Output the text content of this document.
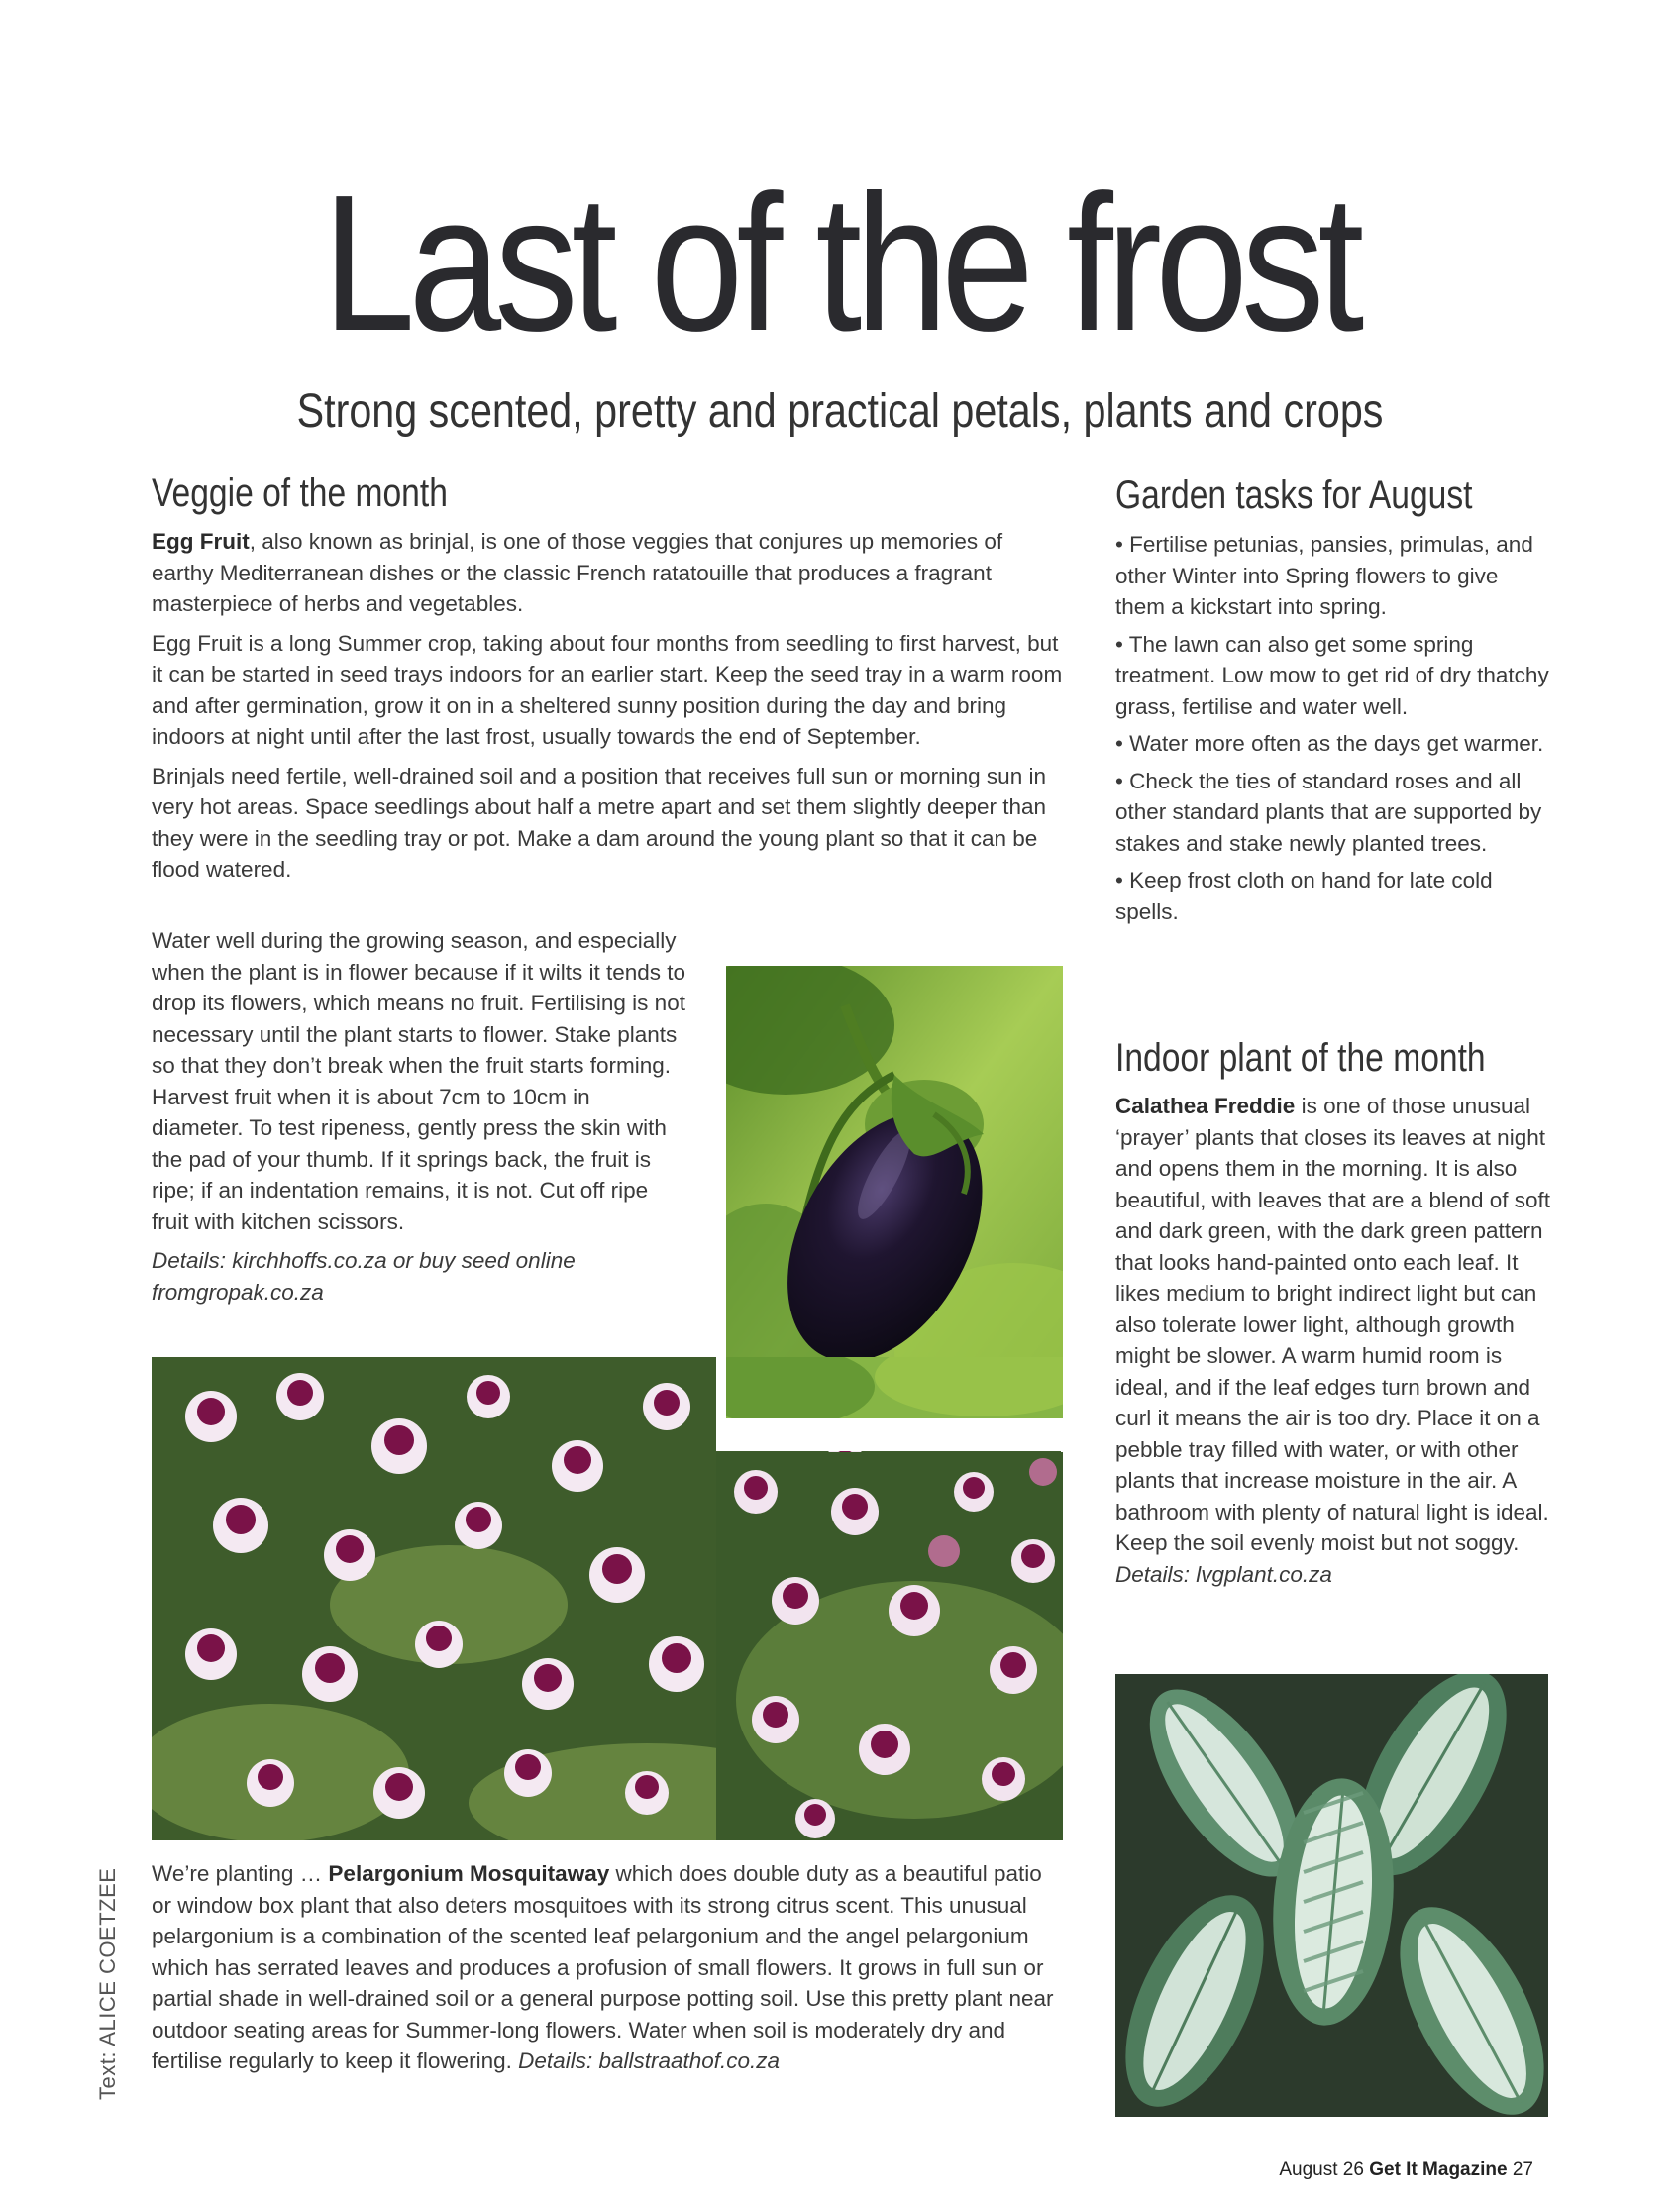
Last of the frost
Strong scented, pretty and practical petals, plants and crops
Veggie of the month

Egg Fruit, also known as brinjal, is one of those veggies that conjures up memories of earthy Mediterranean dishes or the classic French ratatouille that produces a fragrant masterpiece of herbs and vegetables.

Egg Fruit is a long Summer crop, taking about four months from seedling to first harvest, but it can be started in seed trays indoors for an earlier start. Keep the seed tray in a warm room and after germination, grow it on in a sheltered sunny position during the day and bring indoors at night until after the last frost, usually towards the end of September.

Brinjals need fertile, well-drained soil and a position that receives full sun or morning sun in very hot areas. Space seedlings about half a metre apart and set them slightly deeper than they were in the seedling tray or pot. Make a dam around the young plant so that it can be flood watered.

Water well during the growing season, and especially when the plant is in flower because if it wilts it tends to drop its flowers, which means no fruit. Fertilising is not necessary until the plant starts to flower. Stake plants so that they don’t break when the fruit starts forming. Harvest fruit when it is about 7cm to 10cm in diameter. To test ripeness, gently press the skin with the pad of your thumb. If it springs back, the fruit is ripe; if an indentation remains, it is not. Cut off ripe fruit with kitchen scissors.

Details: kirchhoffs.co.za or buy seed online fromgropak.co.za

We’re planting … Pelargonium Mosquitaway which does double duty as a beautiful patio or window box plant that also deters mosquitoes with its strong citrus scent. This unusual pelargonium is a combination of the scented leaf pelargonium and the angel pelargonium which has serrated leaves and produces a profusion of small flowers. It grows in full sun or partial shade in well-drained soil or a general purpose potting soil. Use this pretty plant near outdoor seating areas for Summer-long flowers. Water when soil is moderately dry and fertilise regularly to keep it flowering. Details: ballstraathof.co.za

Garden tasks for August

• Fertilise petunias, pansies, primulas, and other Winter into Spring flowers to give them a kickstart into spring.

• The lawn can also get some spring treatment. Low mow to get rid of dry thatchy grass, fertilise and water well.

• Water more often as the days get warmer.

• Check the ties of standard roses and all other standard plants that are supported by stakes and stake newly planted trees.

• Keep frost cloth on hand for late cold spells.

Indoor plant of the month

Calathea Freddie is one of those unusual ‘prayer’ plants that closes its leaves at night and opens them in the morning. It is also beautiful, with leaves that are a blend of soft and dark green, with the dark green pattern that looks hand-painted onto each leaf. It likes medium to bright indirect light but can also tolerate lower light, although growth might be slower. A warm humid room is ideal, and if the leaf edges turn brown and curl it means the air is too dry. Place it on a pebble tray filled with water, or with other plants that increase moisture in the air. A bathroom with plenty of natural light is ideal. Keep the soil evenly moist but not soggy. Details: lvgplant.co.za

Text: ALICE COETZEE
August 26 Get It Magazine 27
